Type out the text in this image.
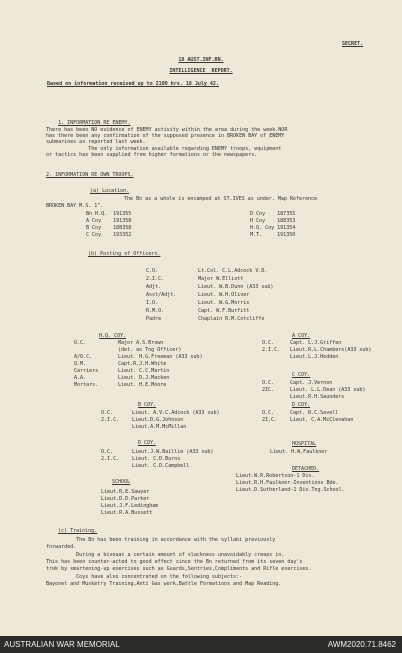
SECRET.
18 AUST.INF.BN.
INTELLIGENCE  REPORT.
Based on information received up to 2100 hrs. 18 July 42.

1. INFORMATION RE ENEMY.

There has been NO evidence of ENEMY activity within the area during the week.NOR
has there been any confirmation of the supposed presence in BROKEN BAY of ENEMY
submarines as reported last week.
The only information available regarding ENEMY troops, equipment
or tactics has been supplied from higher formations or the newspapers.
2. INFORMATION RE OWN TROOPS.
(a) Location.
The Bn as a whole is encamped at ST.IVES as under. Map Reference
BROKEN BAY M.S. 1".
Bn H.Q.  191355
A Coy    191358
B Coy    188358
C Coy    193352
D Coy    187355
H Coy    188353
H.Q. Coy 191354
M.T.     191350
(b) Posting of Officers.
C.O.	Lt.Col. C.L.Adcock V.D.
2.I.C.	Major W.Elliott
Adjt.	Lieut. W.B.Dunn (A33 sub)
Asst/Adjt.	Lieut. W.H.Oliver
I.O.	Lieut. W.G.Morris
R.M.O.	Capt. W.F.Burfitt
Padre	Chaplain R.M.Cotcliffe
H.Q. COY.
O.C.	Major A.S.Brown
(det. as Tng Officer)
A/O.C.	Lieut. H.G.Freeman (A33 sub)
Q.M.	Capt.R.J.H.White
Carriers	Lieut. C.C.Martin
A.A.	Lieut. D.J.Macken
Mortars.	Lieut. H.E.Moore
A COY.
O.C.	Capt. L.J.Griffen
2.I.C. Lieut.R.L.Chambers(A33 sub)
Lieut.L.J.Hedden
C COY.
O.C.	Capt. J.Vernon
2IC.	Lieut. L.L.Dean (A33 sub)
Lieut.R.H.Saunders
B COY.
O.C.	Lieut. A.V.C.Adcock (A33 sub)
2.I.C.	Lieut.D.G.Johnson
Lieut.A.M.McMillan
D COY.
O.C.	Capt. R.C.Savell
2I.C.	Lieut. C.A.McClenahan
D COY.
O.C.	Lieut.J.W.Baillie (A33 sub)
2.I.C.	Lieut. C.D.Burns
Lieut. C.D.Campbell
HOSPITAL
Lieut. H.W.Faulkner
DETACHED.
Lieut.W.R.Robertson-1 Div.
Lieut.R.H.Faulkner-Inventions Bde.
Lieut.D.Sutherland-1 Div.Tng.School.
SCHOOL
Lieut.R.E.Sawyer
Lieut.D.D.Parker
Lieut.J.F.Ledingham
Lieut.R.A.Bussett
(c) Training.
The Bn has been training in accordance with the syllabi previously
forwarded.
During a bivouac a certain amount of slackness unavoidably creeps in.
This has been counter-acted to good effect since the Bn returned from its seven day's
trek by smartening-up exercises such as Guards,Sentries,Compliments and Rifle exercises.
Coys have also concentrated on the following subjects:-
Bayonet and Musketry Training,Anti Gas work,Battle Formations and Map Reading.
AUSTRALIAN WAR MEMORIAL	AWM2020.71.8462
